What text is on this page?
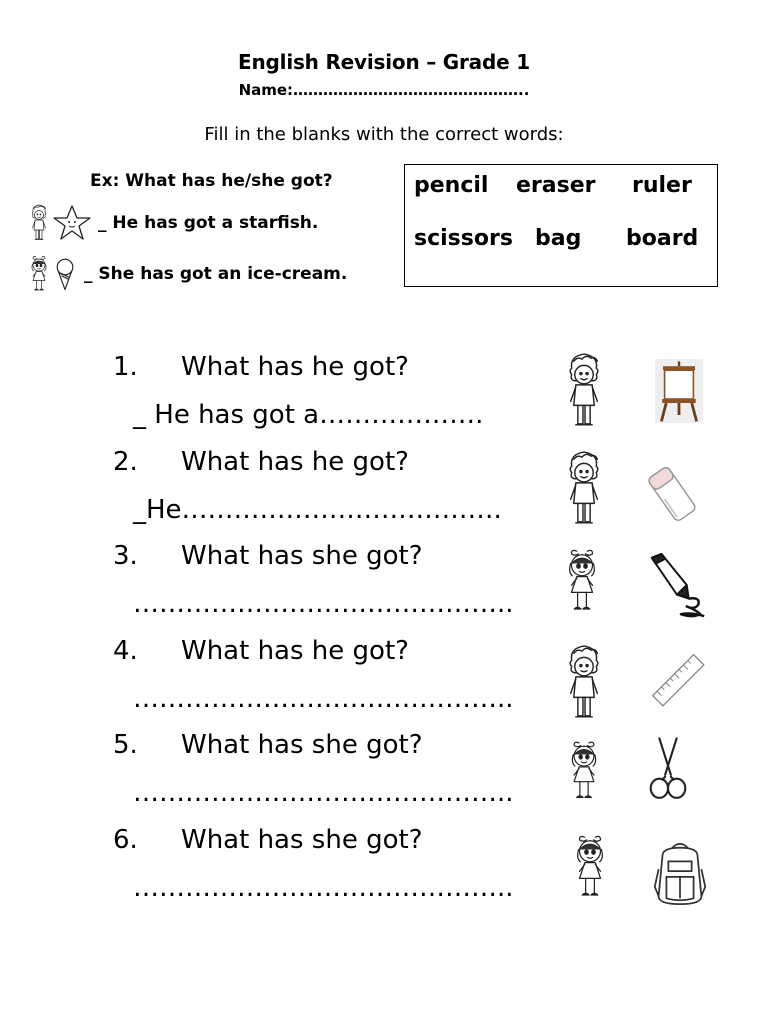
English Revision – Grade 1
Name:………………………………………..
Fill in the blanks with the correct words:
Ex: What has he/she got?
_ He has got a starfish.
_ She has got an ice-cream.
pencil eraser ruler
scissors bag board
1. What has he got?
_ He has got a……………….
2. What has he got?
_He……………………………….
3. What has she got?
……………………………………..
4. What has he got?
……………………………………..
5. What has she got?
……………………………………..
6. What has she got?
……………………………………..
